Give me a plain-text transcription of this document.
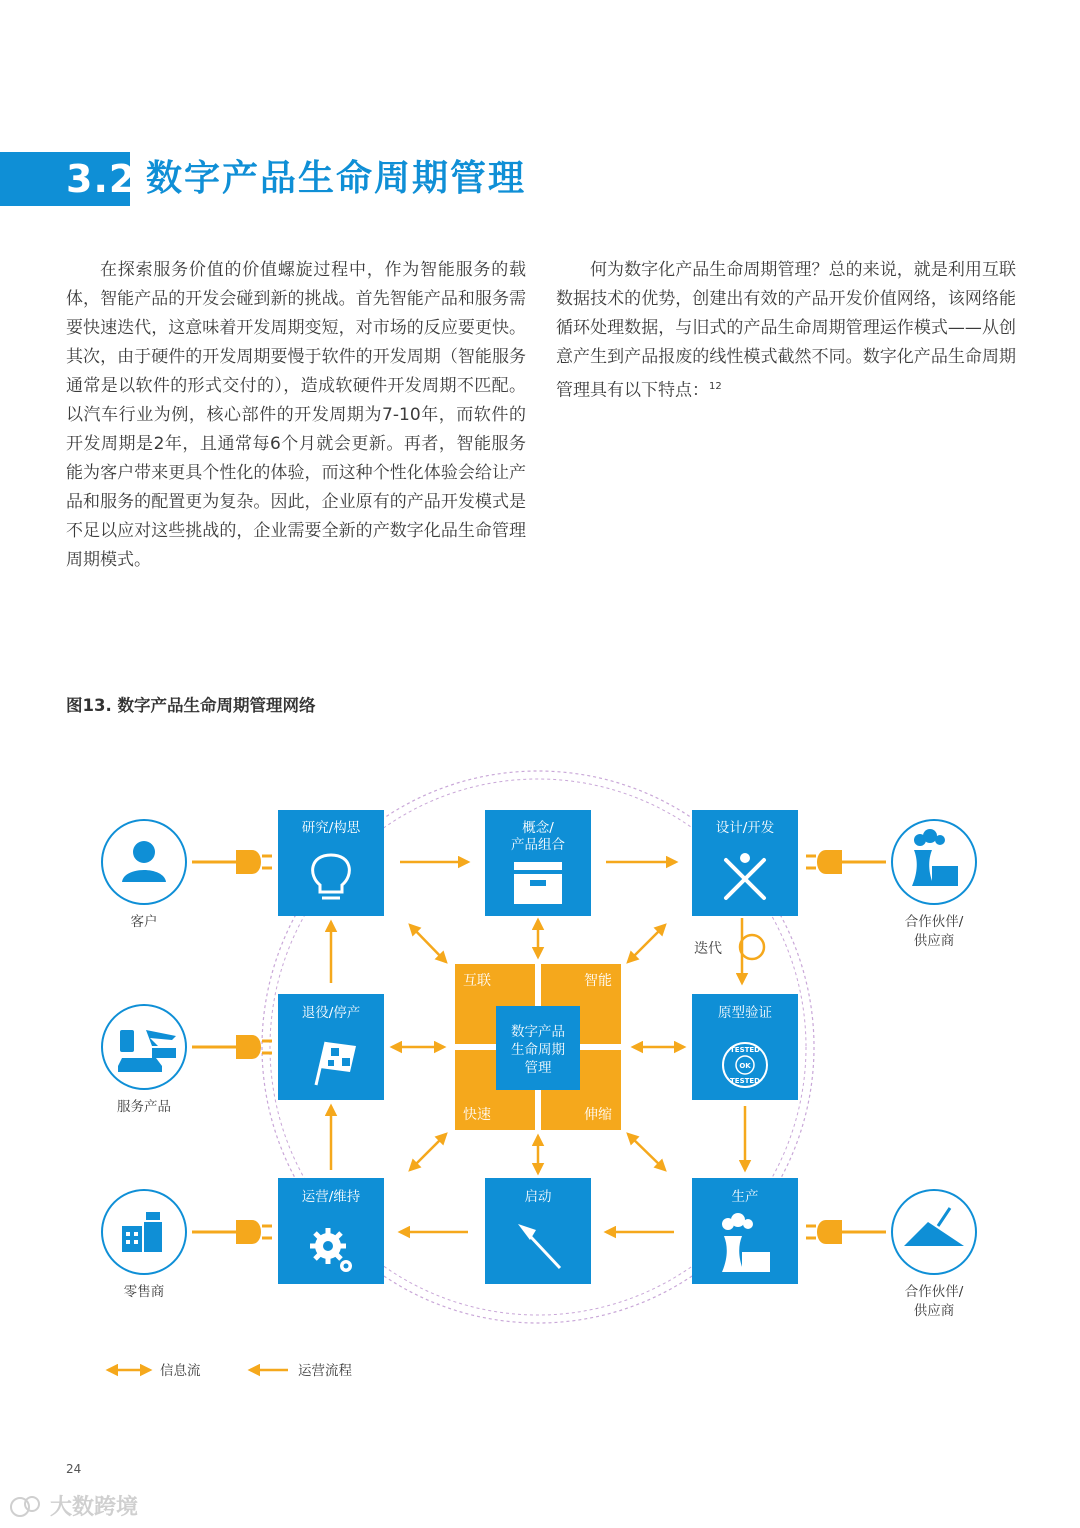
3.2 数字产品生命周期管理

在探索服务价值的价值螺旋过程中，作为智能服务的载体，智能产品的开发会碰到新的挑战。首先智能产品和服务需要快速迭代，这意味着开发周期变短，对市场的反应要更快。其次，由于硬件的开发周期要慢于软件的开发周期（智能服务通常是以软件的形式交付的），造成软硬件开发周期不匹配。以汽车行业为例，核心部件的开发周期为7-10年，而软件的开发周期是2年，且通常每6个月就会更新。再者，智能服务能为客户带来更具个性化的体验，而这种个性化体验会给让产品和服务的配置更为复杂。因此，企业原有的产品开发模式是不足以应对这些挑战的，企业需要全新的产数字化品生命管理周期模式。

何为数字化产品生命周期管理？总的来说，就是利用互联数据技术的优势，创建出有效的产品开发价值网络，该网络能循环处理数据，与旧式的产品生命周期管理运作模式——从创意产生到产品报废的线性模式截然不同。数字化产品生命周期管理具有以下特点：$^{12}$

图13. 数字产品生命周期管理网络
迭代
互联	智能
快速	伸缩
数字产品
生命周期
管理
研究/构思	概念/
产品组合
设计/开发
退役/停产	原型验证
TESTED
OK
TESTED
运营/维持	启动	生产
客户
服务产品
零售商
合作伙伴/
供应商
合作伙伴/
供应商
信息流	运营流程
24
大数跨境
